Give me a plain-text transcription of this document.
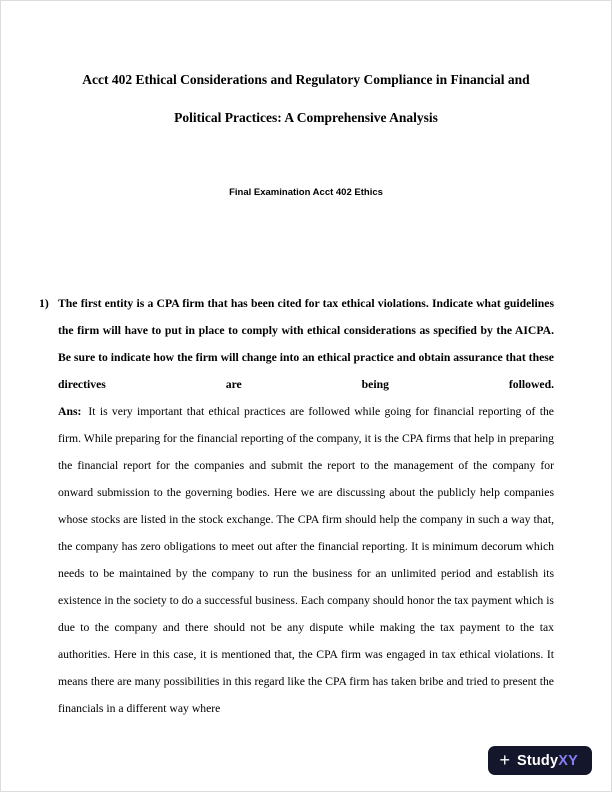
Acct 402 Ethical Considerations and Regulatory Compliance in Financial and
Political Practices: A Comprehensive Analysis
Final Examination Acct 402 Ethics
1) The first entity is a CPA firm that has been cited for tax ethical violations. Indicate what guidelines the firm will have to put in place to comply with ethical considerations as specified by the AICPA. Be sure to indicate how the firm will change into an ethical practice and obtain assurance that these directives are being followed.

Ans: It is very important that ethical practices are followed while going for financial reporting of the firm. While preparing for the financial reporting of the company, it is the CPA firms that help in preparing the financial report for the companies and submit the report to the management of the company for onward submission to the governing bodies. Here we are discussing about the publicly help companies whose stocks are listed in the stock exchange. The CPA firm should help the company in such a way that, the company has zero obligations to meet out after the financial reporting. It is minimum decorum which needs to be maintained by the company to run the business for an unlimited period and establish its existence in the society to do a successful business. Each company should honor the tax payment which is due to the company and there should not be any dispute while making the tax payment to the tax authorities. Here in this case, it is mentioned that, the CPA firm was engaged in tax ethical violations. It means there are many possibilities in this regard like the CPA firm has taken bribe and tried to present the financials in a different way where

+ StudyXY
